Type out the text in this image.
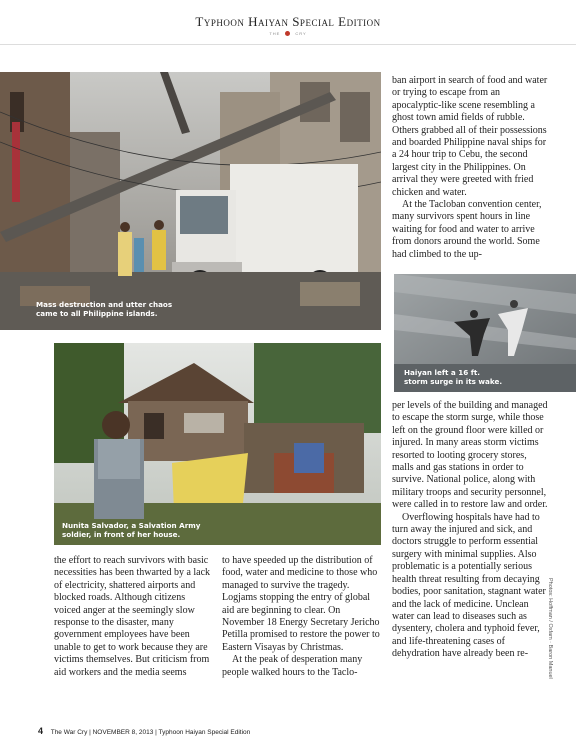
Typhoon Haiyan Special Edition
THE	CRY
Mass destruction and utter chaos came to all Philippine islands.
Haiyan left a 16 ft. storm surge in its wake.
Nunita Salvador, a Salvation Army soldier, in front of her house.

ban airport in search of food and water or trying to escape from an apocalyptic-like scene resembling a ghost town amid fields of rubble. Others grabbed all of their possessions and boarded Philippine naval ships for a 24 hour trip to Cebu, the second largest city in the Philippines. On arrival they were greeted with fried chicken and water.

At the Tacloban convention center, many survivors spent hours in line waiting for food and water to arrive from donors around the world. Some had climbed to the up-

per levels of the building and managed to escape the storm surge, while those left on the ground floor were killed or injured. In many areas storm victims resorted to looting grocery stores, malls and gas stations in order to survive. National police, along with military troops and security personnel, were called in to restore law and order.

Overflowing hospitals have had to turn away the injured and sick, and doctors struggle to perform essential surgery with minimal supplies. Also problematic is a potentially serious health threat resulting from decaying bodies, poor sanitation, stagnant water and the lack of medicine. Unclean water can lead to diseases such as dysentery, cholera and typhoid fever, and life-threatening cases of dehydration have already been re-

the effort to reach survivors with basic necessities has been thwarted by a lack of electricity, shattered airports and blocked roads. Although citizens voiced anger at the seemingly slow response to the disaster, many government employees have been unable to get to work because they are victims themselves. But criticism from aid workers and the media seems

to have speeded up the distribution of food, water and medicine to those who managed to survive the tragedy. Logjams stopping the entry of global aid are beginning to clear. On November 18 Energy Secretary Jericho Petilla promised to restore the power to Eastern Visayas by Christmas.

At the peak of desperation many people walked hours to the Taclo-	Photos: Hoffman / Oxfam · Baron Manuel
4 The War Cry | NOVEMBER 8, 2013 | Typhoon Haiyan Special Edition
